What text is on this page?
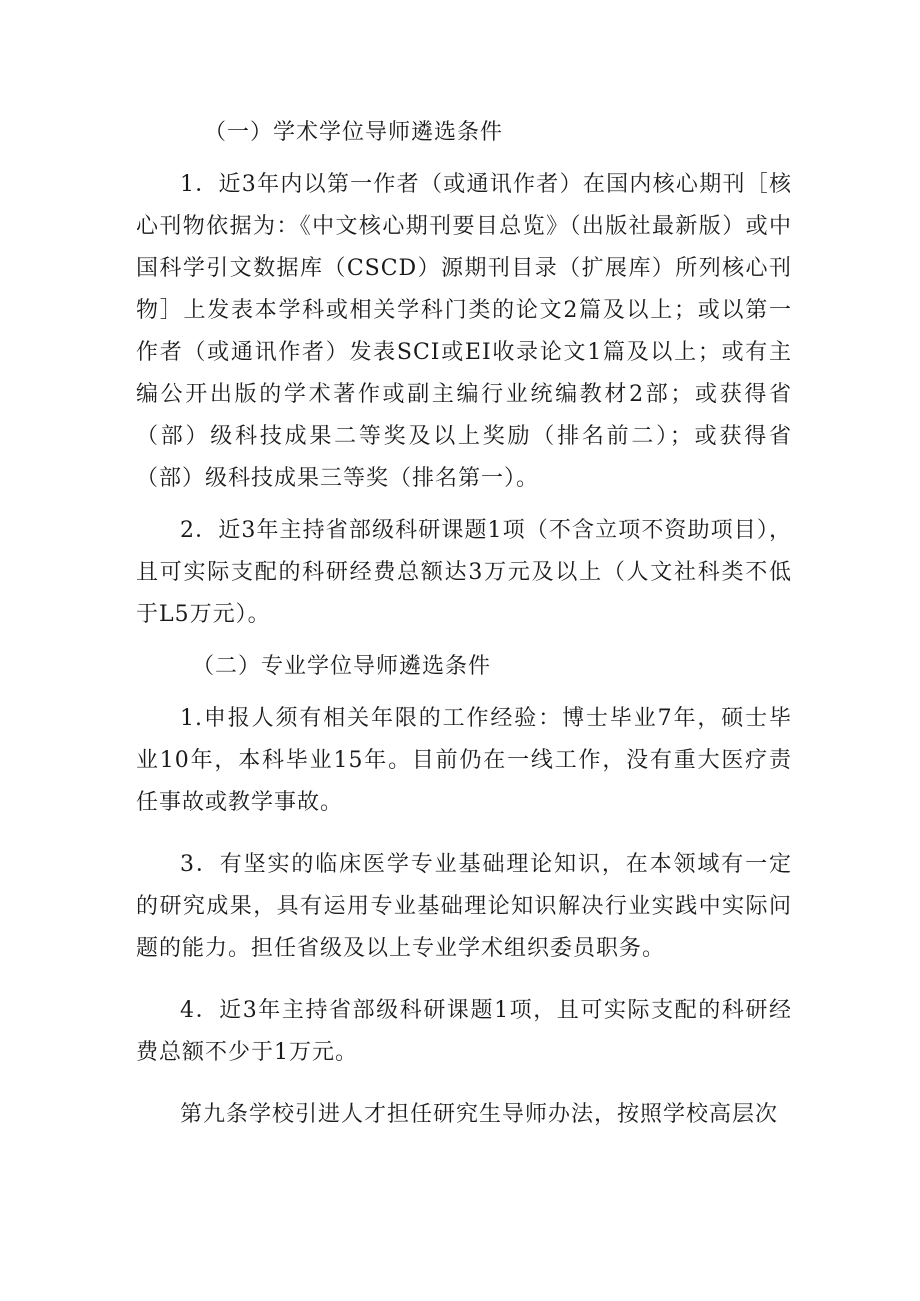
（一）学术学位导师遴选条件

1．近3年内以第一作者（或通讯作者）在国内核心期刊［核心刊物依据为：《中文核心期刊要目总览》（出版社最新版）或中国科学引文数据库（CSCD）源期刊目录（扩展库）所列核心刊物］上发表本学科或相关学科门类的论文2篇及以上；或以第一作者（或通讯作者）发表SCI或EI收录论文1篇及以上；或有主编公开出版的学术著作或副主编行业统编教材2部；或获得省（部）级科技成果二等奖及以上奖励（排名前二）；或获得省（部）级科技成果三等奖（排名第一）。

2．近3年主持省部级科研课题1项（不含立项不资助项目），且可实际支配的科研经费总额达3万元及以上（人文社科类不低于L5万元）。

（二）专业学位导师遴选条件

1.申报人须有相关年限的工作经验：博士毕业7年，硕士毕业10年，本科毕业15年。目前仍在一线工作，没有重大医疗责任事故或教学事故。

3．有坚实的临床医学专业基础理论知识，在本领域有一定的研究成果，具有运用专业基础理论知识解决行业实践中实际问题的能力。担任省级及以上专业学术组织委员职务。

4．近3年主持省部级科研课题1项，且可实际支配的科研经费总额不少于1万元。

第九条学校引进人才担任研究生导师办法，按照学校高层次
